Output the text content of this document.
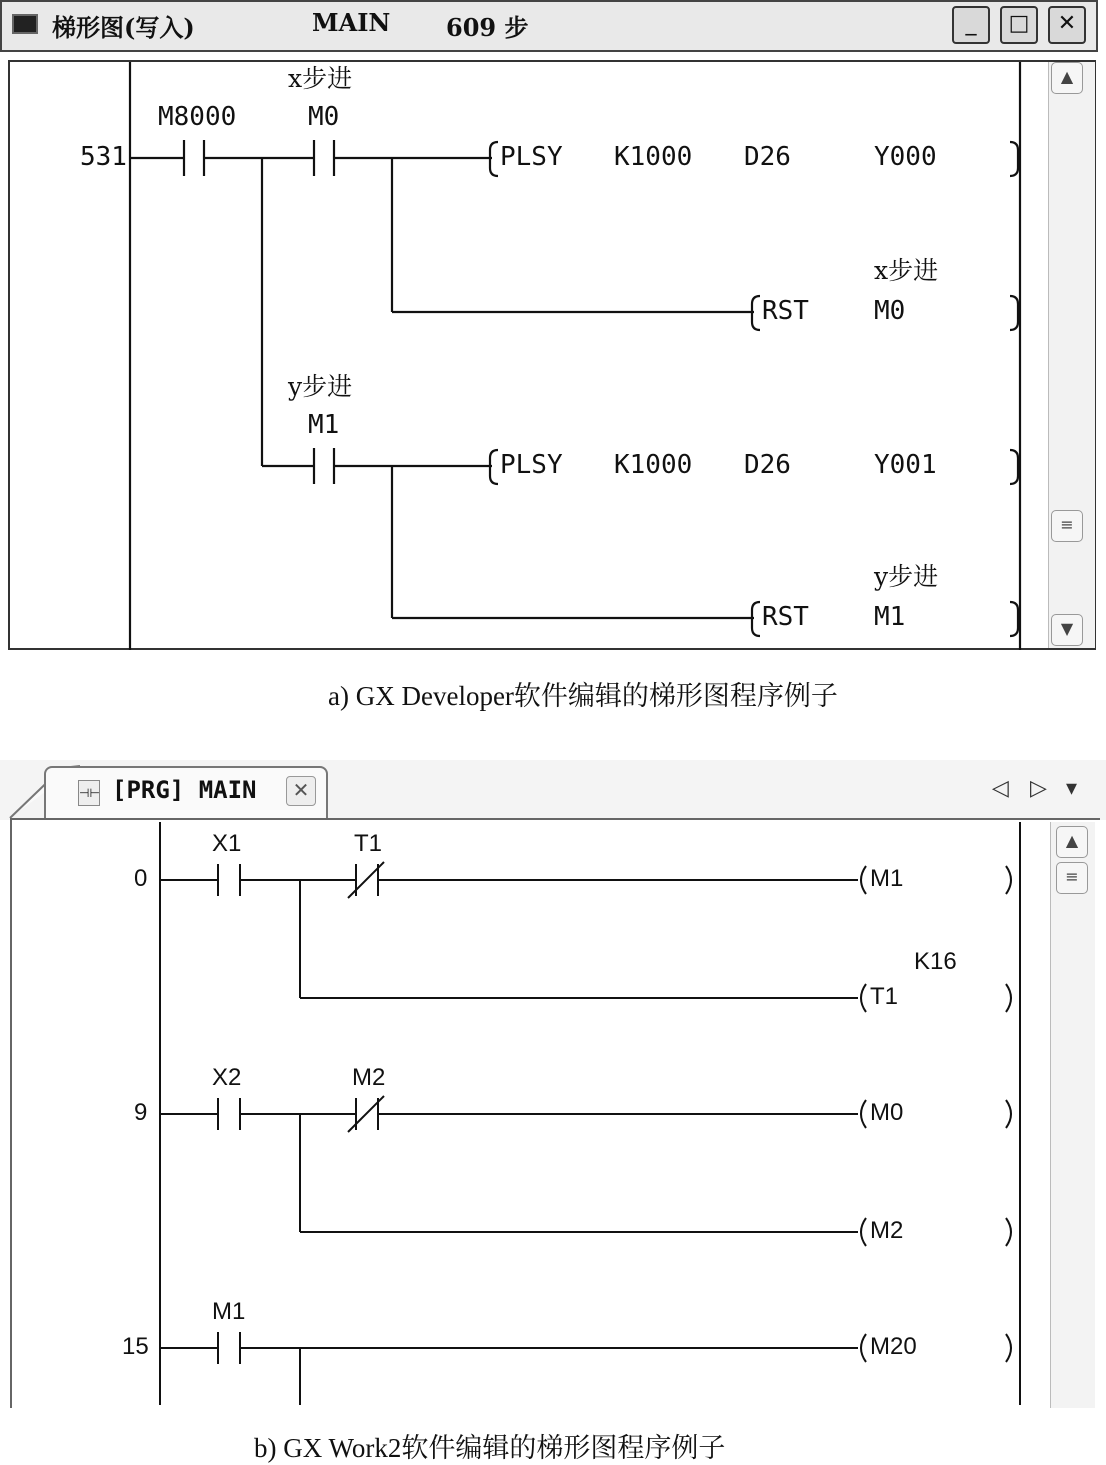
梯形图(写入)	MAIN 609 步	_	□	✕
▲
≡
▼
531
M8000
x步进
M0
y步进
M1
PLSY K1000 D26	Y000
x步进
RST	M0
PLSY K1000 D26	Y001
y步进
RST	M1
a) GX Developer软件编辑的梯形图程序例子
⊣⊢ [PRG] MAIN	✕	◁ ▷ ▾
▲
≡
0
9
15
X1	T1
X2	M2
M1
M1
K16
T1
M0
M2
M20
b) GX Work2软件编辑的梯形图程序例子
